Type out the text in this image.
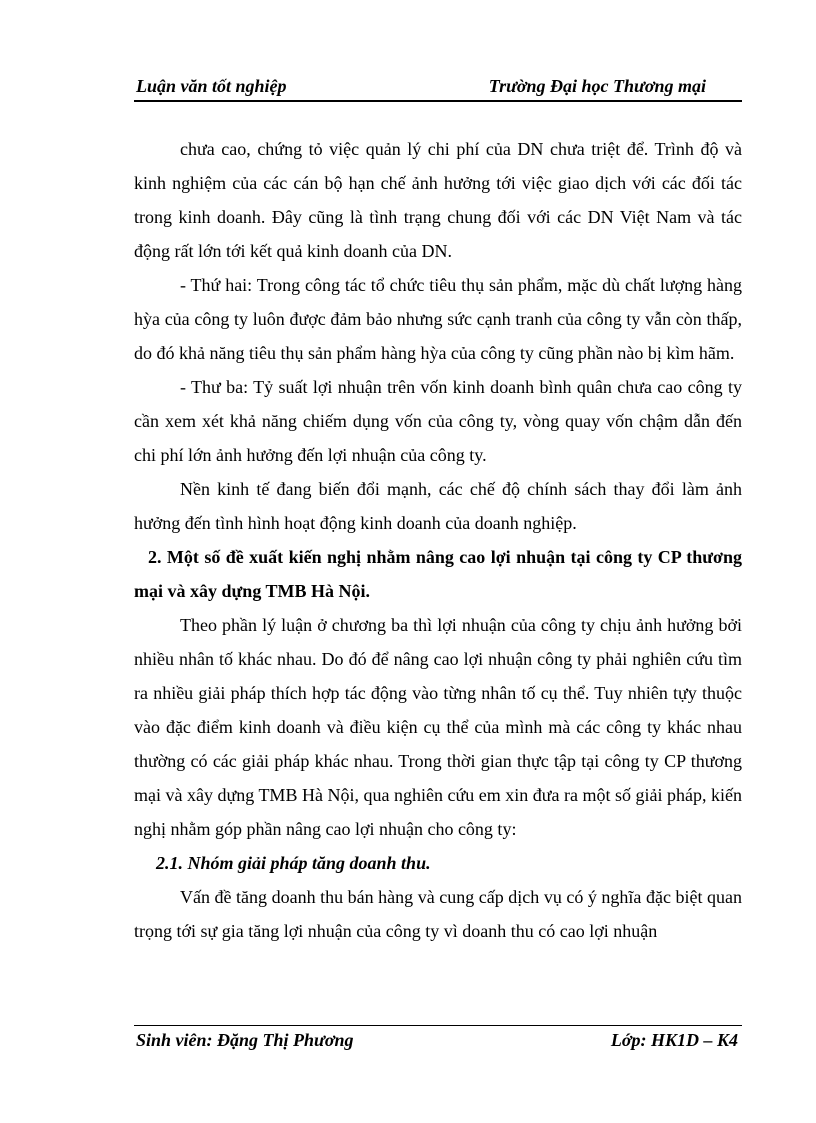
Luận văn tốt nghiệp	Trường Đại học Thương mại

chưa cao, chứng tỏ việc quản lý chi phí của DN chưa triệt để. Trình độ và kinh nghiệm của các cán bộ hạn chế ảnh hưởng tới việc giao dịch với các đối tác trong kinh doanh. Đây cũng là tình trạng chung đối với các DN Việt Nam và tác động rất lớn tới kết quả kinh doanh của DN.

- Thứ hai: Trong công tác tổ chức tiêu thụ sản phẩm, mặc dù chất lượng hàng hỳa của công ty luôn được đảm bảo nhưng sức cạnh tranh của công ty vẫn còn thấp, do đó khả năng tiêu thụ sản phẩm hàng hỳa của công ty cũng phần nào bị kìm hãm.

- Thư ba: Tỷ suất lợi nhuận trên vốn kinh doanh bình quân chưa cao công ty cần xem xét khả năng chiếm dụng vốn của công ty, vòng quay vốn chậm dẫn đến chi phí lớn ảnh hưởng đến lợi nhuận của công ty.

Nền kinh tế đang biến đổi mạnh, các chế độ chính sách thay đổi làm ảnh hưởng đến tình hình hoạt động kinh doanh của doanh nghiệp.

2. Một số đề xuất kiến nghị nhằm nâng cao lợi nhuận tại công ty CP thương mại và xây dựng TMB Hà Nội.

Theo phần lý luận ở chương ba thì lợi nhuận của công ty chịu ảnh hưởng bởi nhiều nhân tố khác nhau. Do đó để nâng cao lợi nhuận công ty phải nghiên cứu tìm ra nhiều giải pháp thích hợp tác động vào từng nhân tố cụ thể. Tuy nhiên tựy thuộc vào đặc điểm kinh doanh và điều kiện cụ thể của mình mà các công ty khác nhau thường có các giải pháp khác nhau. Trong thời gian thực tập tại công ty CP thương mại và xây dựng TMB Hà Nội, qua nghiên cứu em xin đưa ra một số giải pháp, kiến nghị nhằm góp phần nâng cao lợi nhuận cho công ty:

2.1. Nhóm giải pháp tăng doanh thu.

Vấn đề tăng doanh thu bán hàng và cung cấp dịch vụ có ý nghĩa đặc biệt quan trọng tới sự gia tăng lợi nhuận của công ty vì doanh thu có cao lợi nhuận

Sinh viên: Đặng Thị Phương	Lớp: HK1D – K4
